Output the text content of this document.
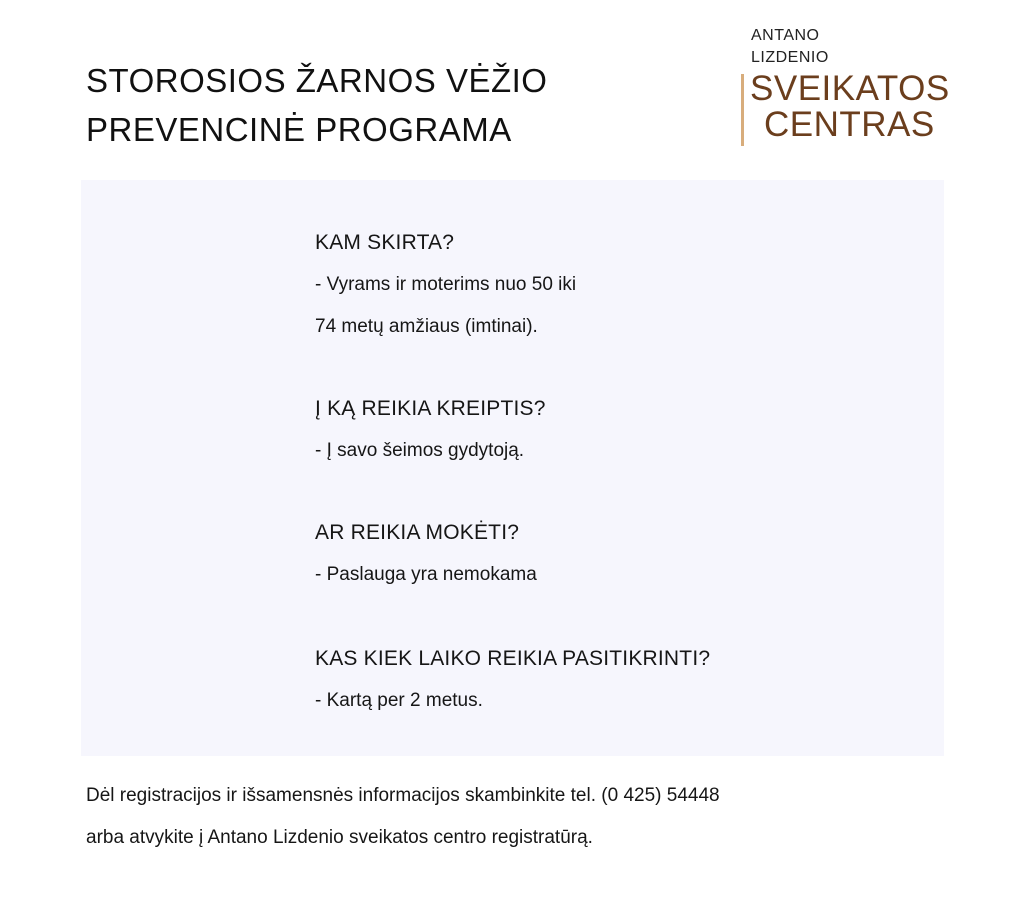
STOROSIOS ŽARNOS VĖŽIO
PREVENCINĖ PROGRAMA
ANTANO
LIZDENIO
SVEIKATOS
CENTRAS
KAM SKIRTA?
- Vyrams ir moterims nuo 50 iki
74 metų amžiaus (imtinai).
Į KĄ REIKIA KREIPTIS?
- Į savo šeimos gydytoją.
AR REIKIA MOKĖTI?
- Paslauga yra nemokama
KAS KIEK LAIKO REIKIA PASITIKRINTI?
- Kartą per 2 metus.
Dėl registracijos ir išsamensnės informacijos skambinkite tel. (0 425) 54448
arba atvykite į Antano Lizdenio sveikatos centro registratūrą.
